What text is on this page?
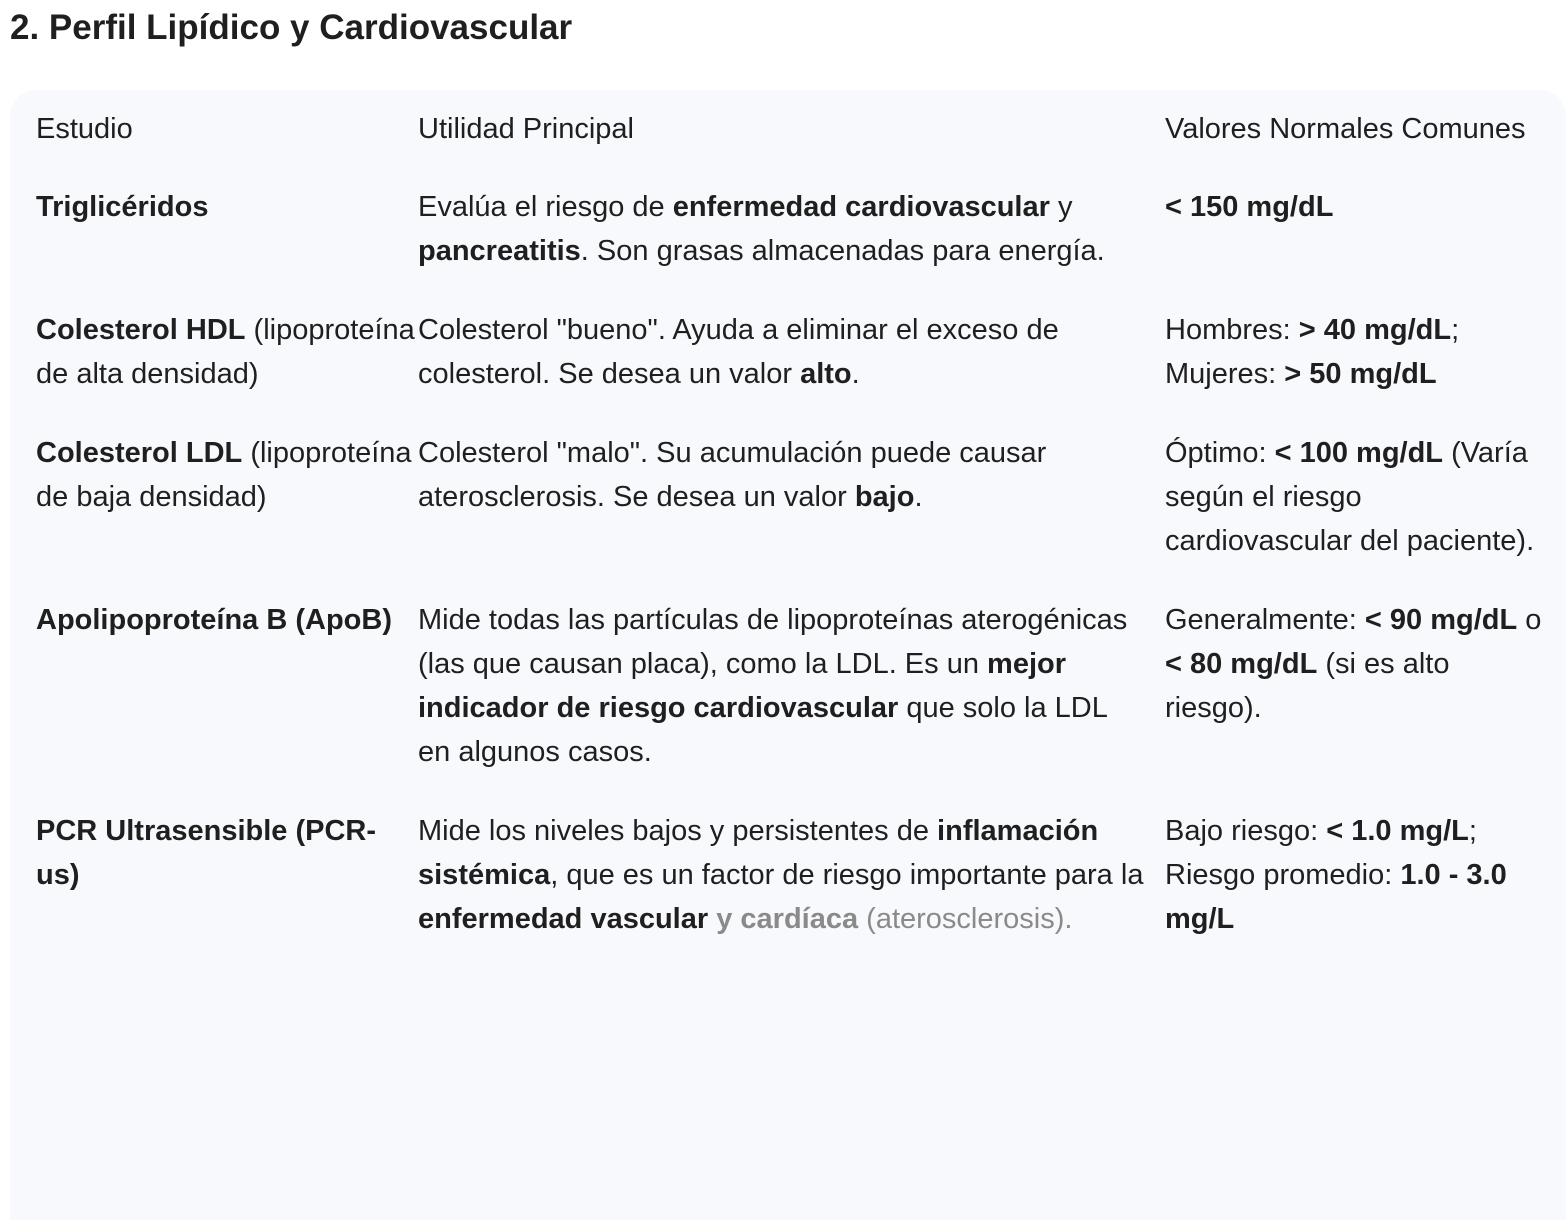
2. Perfil Lipídico y Cardiovascular
Estudio	Utilidad Principal	Valores Normales Comunes
Triglicéridos	Evalúa el riesgo de enfermedad cardiovascular y pancreatitis. Son grasas almacenadas para energía.	< 150 mg/dL
Colesterol HDL (lipoproteína de alta densidad)	Colesterol "bueno". Ayuda a eliminar el exceso de colesterol. Se desea un valor alto.	Hombres: > 40 mg/dL; Mujeres: > 50 mg/dL
Colesterol LDL (lipoproteína de baja densidad)	Colesterol "malo". Su acumulación puede causar aterosclerosis. Se desea un valor bajo.	Óptimo: < 100 mg/dL (Varía según el riesgo cardiovascular del paciente).
Apolipoproteína B (ApoB)	Mide todas las partículas de lipoproteínas aterogénicas (las que causan placa), como la LDL. Es un mejor indicador de riesgo cardiovascular que solo la LDL en algunos casos.	Generalmente: < 90 mg/dL o < 80 mg/dL (si es alto riesgo).
PCR Ultrasensible (PCR-us)	Mide los niveles bajos y persistentes de inflamación sistémica, que es un factor de riesgo importante para la enfermedad vascular y cardíaca (aterosclerosis).	Bajo riesgo: < 1.0 mg/L; Riesgo promedio: 1.0 - 3.0 mg/L
